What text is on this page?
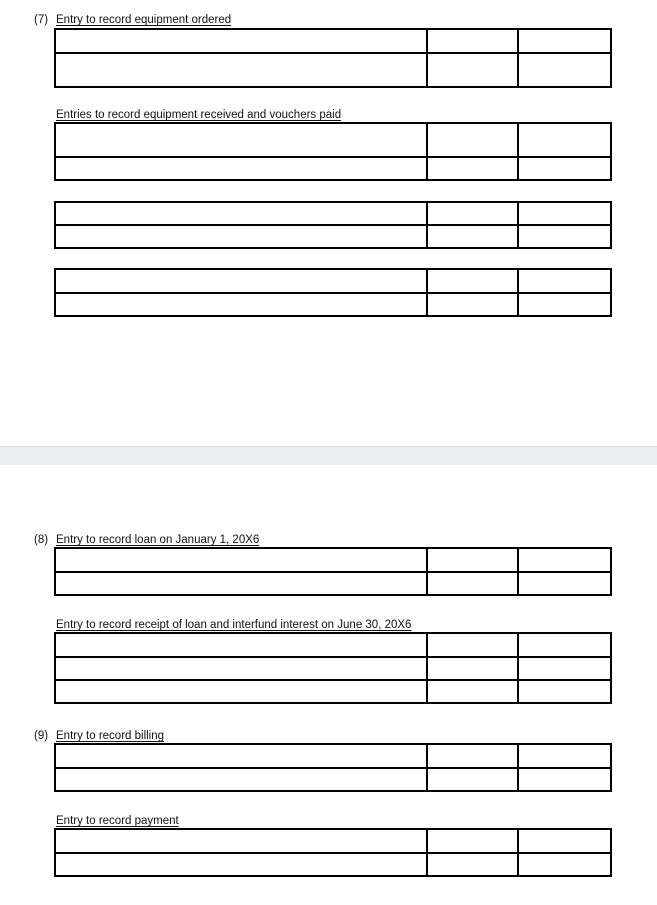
(7) Entry to record equipment ordered

Entries to record equipment received and vouchers paid

(8) Entry to record loan on January 1, 20X6

Entry to record receipt of loan and interfund interest on June 30, 20X6

(9) Entry to record billing

Entry to record payment
